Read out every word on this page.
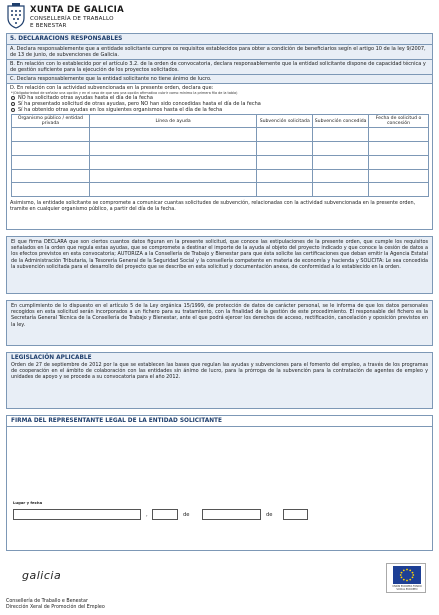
XUNTA DE GALICIA
CONSELLERÍA DE TRABALLO
E BENESTAR
5. DECLARACIONS RESPONSABLES
A. Declara responsablemente que a entidade solicitante cumpre os requisitos establecidos para obter a condición de beneficiarios segín el artigo 10 de la ley 9/2007, de 13 de junio, de subvenciones de Galicia.
B. En relación con lo establecido por el artículo 3.2. de la orden de convocatoria, declara responsablemente que la entidad solicitante dispone de capacidad técnica y de gestión suficiente para la ejecución de los proyectos solicitados.
C. Declara responsablemente que la entidad solicitante no tiene ánimo de lucro.
D. En relación con la actividad subvencionada en la presente orden, declara que:
*(Obligatoriedad de señalar una opción y en el caso de que sea una opción afirmativa cubrir como mínimo la primera fila de la tabla)
NO ha solicitado otras ayudas hasta el día de la fecha
Sí ha presentado solicitud de otras ayudas, pero NO han sido concedidas hasta el día de la fecha
Sí ha obtenido otras ayudas en los siguientes organismos hasta el día de la fecha
Organismo público / entidad privada	Línea de ayuda	Subvención solicitada	Subvención concedida	Fecha de solicitud o concesión

Asimismo, la entidade solicitante se compromete a comunicar cuantas solicitudes de subvención, relacionadas con la actividad subvencionada en la presente orden, tramite en cualquier organismo público, a partir del día de la fecha.
El que firma DECLARA que son ciertos cuantos datos figuran en la presente solicitud, que conoce las estipulaciones de la presente orden, que cumple los requisitos señalados en la orden que regula estas ayudas, que se compromete a destinar el importe de la ayuda al objeto del proyecto indicado y que conoce la cesión de datos a los efectos previstos en esta convocatoria; AUTORIZA a la Consellería de Trabajo y Bienestar para que ésta solicite las certificaciones que deban emitir la Agencia Estatal de la Administración Tributaria, la Tesorería General de la Seguridad Social y la consellería competente en materia de economía y hacienda y SOLICITA: Le sea concedida la subvención solicitada para el desarrollo del proyecto que se describe en esta solicitud y documentación anexa, de conformidad a lo establecido en la orden.
En cumplimiento de lo dispuesto en el artículo 5 de la Ley orgánica 15/1999, de protección de datos de carácter personal, se le informa de que los datos personales recogidos en esta solicitud serán incorporados a un fichero para su tratamiento, con la finalidad de la gestión de este procedimiento. El responsable del fichero es la Secretaría General Técnica de la Consellería de Trabajo y Bienestar, ante el que podrá ejercer los derechos de acceso, rectificación, cancelación y oposición previstos en la ley.
LEGISLACIÓN APLICABLE
Orden de 27 de septiembre de 2012 por la que se establecen las bases que regulan las ayudas y subvenciones para el fomento del empleo, a través de los programas de cooperación en el ámbito de colaboración con las entidades sin ánimo de lucro, para la prórroga de la subvención para la contratación de agentes de empleo y unidades de apoyo y se procede a su convocatoria para el año 2012.
FIRMA DEL REPRESENTANTE LEGAL DE LA ENTIDAD SOLICITANTE
Lugar y fecha
,	de	de
galicia
UNIÓN EUROPEA FONDO SOCIAL EUROPEO
Consellería de Traballo e Benestar
Dirección Xeral de Promoción del Empleo
